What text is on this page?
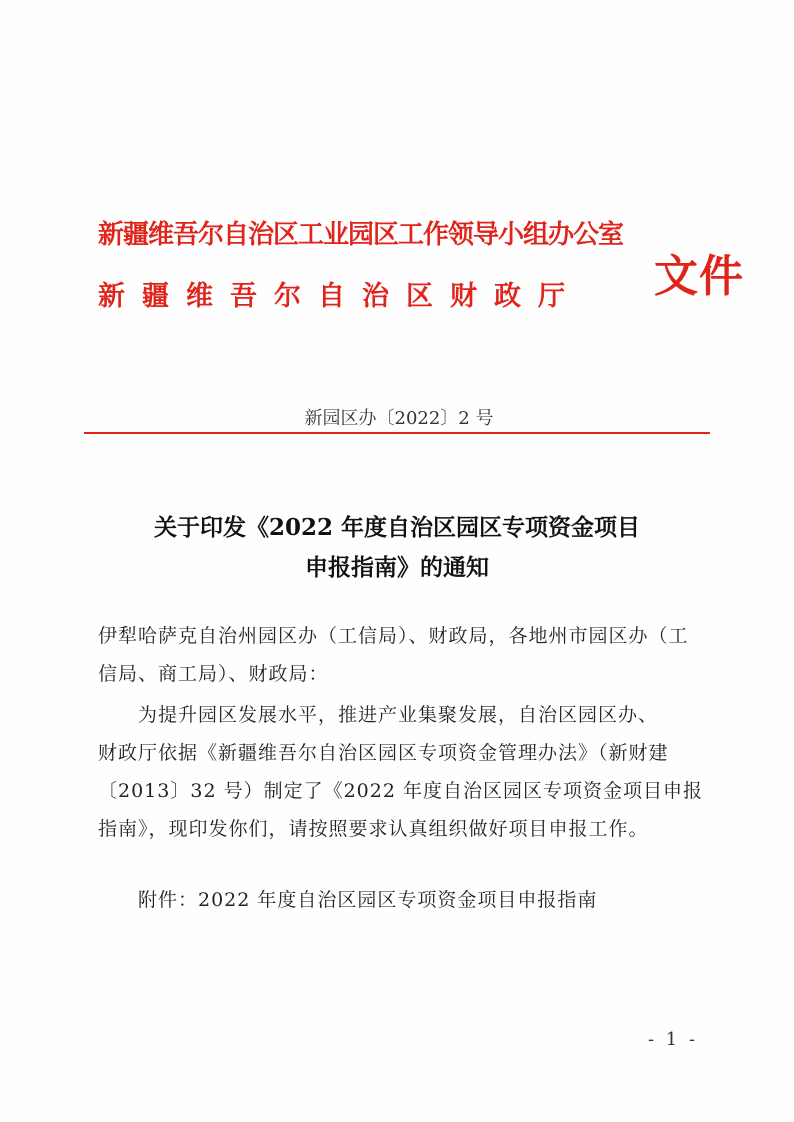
新疆维吾尔自治区工业园区工作领导小组办公室
新疆维吾尔自治区财政厅 文件
新园区办〔2022〕2 号
关于印发《2022 年度自治区园区专项资金项目
申报指南》的通知
伊犁哈萨克自治州园区办（工信局）、财政局，各地州市园区办（工
信局、商工局）、财政局：
　　为提升园区发展水平，推进产业集聚发展，自治区园区办、
财政厅依据《新疆维吾尔自治区园区专项资金管理办法》（新财建
〔2013〕32 号）制定了《2022 年度自治区园区专项资金项目申报
指南》，现印发你们，请按照要求认真组织做好项目申报工作。
　　附件：2022 年度自治区园区专项资金项目申报指南
- 1 -
